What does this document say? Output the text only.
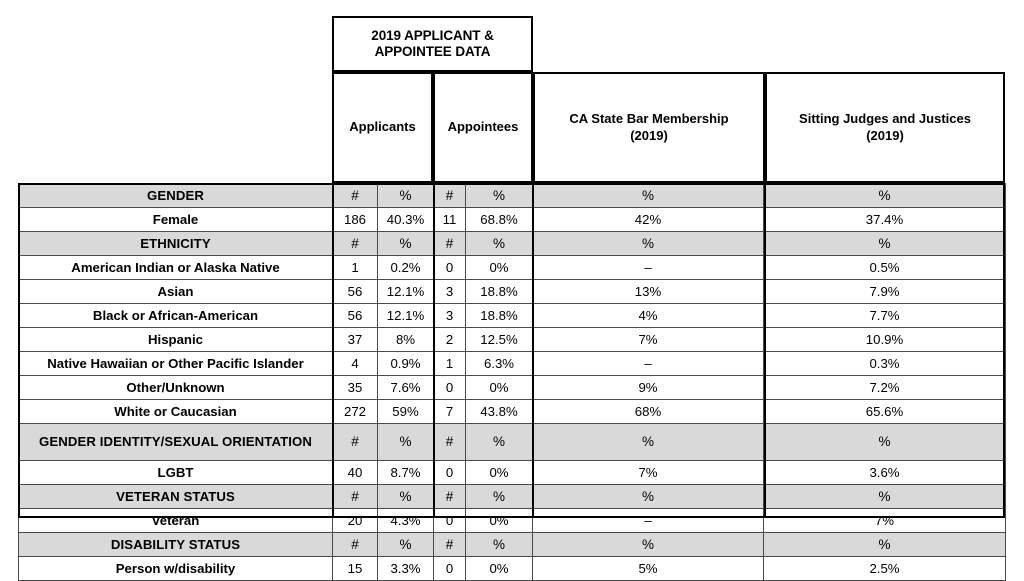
2019 APPLICANT &
APPOINTEE DATA
Applicants Appointees
CA State Bar Membership
(2019)
Sitting Judges and Justices
(2019)
GENDER	#	%	#	%	%	%
Female	186	40.3%	11	68.8%	42%	37.4%
ETHNICITY	#	%	#	%	%	%
American Indian or Alaska Native	1	0.2%	0	0%	–	0.5%
Asian	56	12.1%	3	18.8%	13%	7.9%
Black or African-American	56	12.1%	3	18.8%	4%	7.7%
Hispanic	37	8%	2	12.5%	7%	10.9%
Native Hawaiian or Other Pacific Islander	4	0.9%	1	6.3%	–	0.3%
Other/Unknown	35	7.6%	0	0%	9%	7.2%
White or Caucasian	272	59%	7	43.8%	68%	65.6%
GENDER IDENTITY/SEXUAL ORIENTATION	#	%	#	%	%	%
LGBT	40	8.7%	0	0%	7%	3.6%
VETERAN STATUS	#	%	#	%	%	%
Veteran	20	4.3%	0	0%	–	7%
DISABILITY STATUS	#	%	#	%	%	%
Person w/disability	15	3.3%	0	0%	5%	2.5%
